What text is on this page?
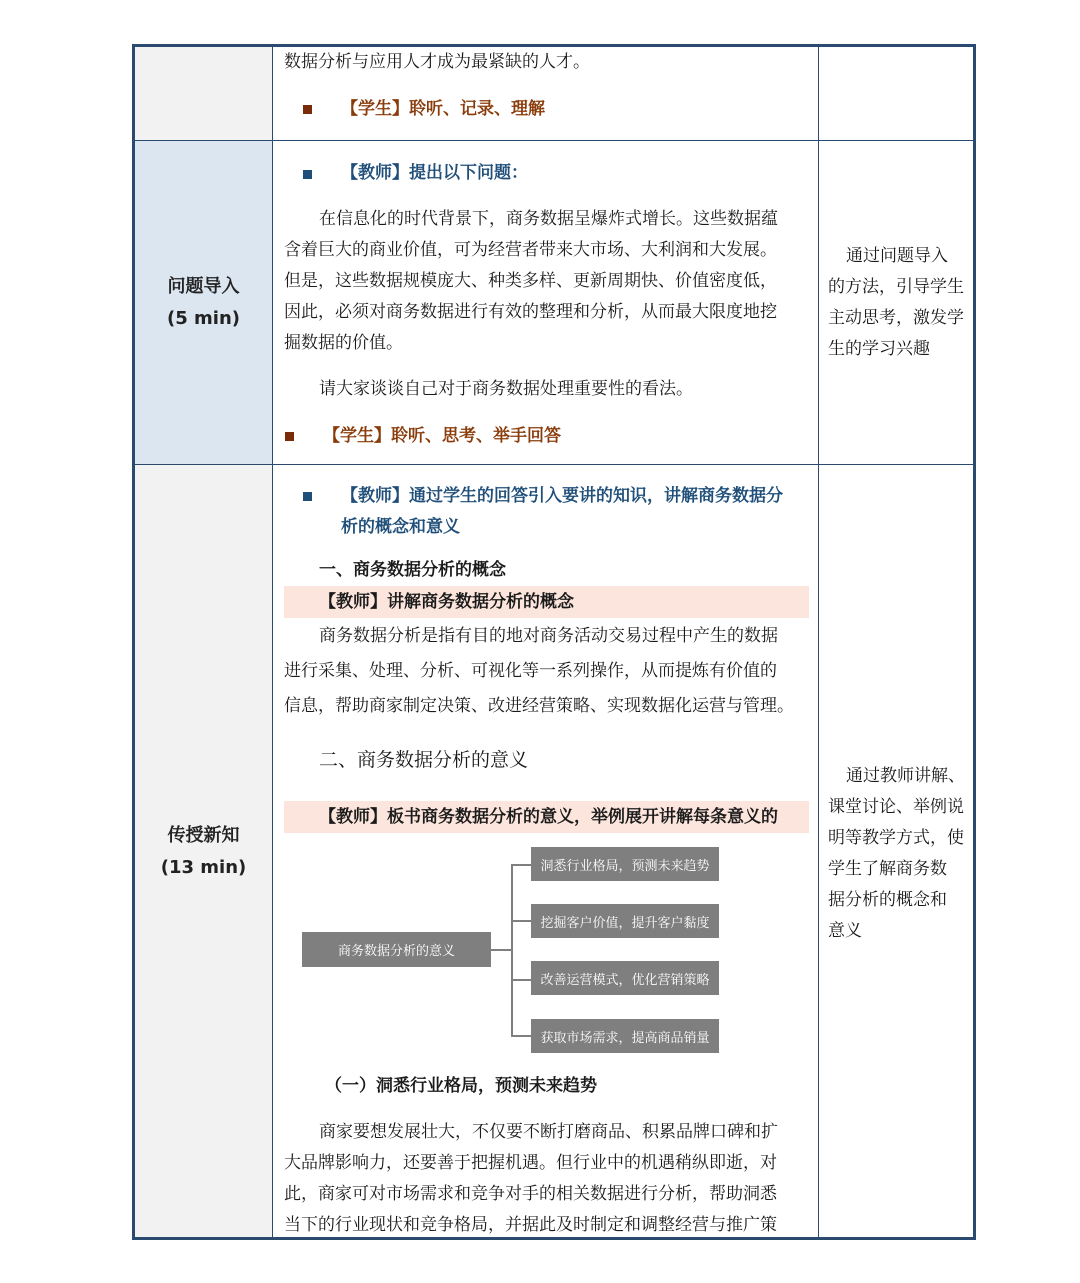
数据分析与应用人才成为最紧缺的人才。
【学生】聆听、记录、理解
问题导入
(5 min)
【教师】提出以下问题：
在信息化的时代背景下，商务数据呈爆炸式增长。这些数据蕴
含着巨大的商业价值，可为经营者带来大市场、大利润和大发展。
但是，这些数据规模庞大、种类多样、更新周期快、价值密度低，
因此，必须对商务数据进行有效的整理和分析，从而最大限度地挖
掘数据的价值。
请大家谈谈自己对于商务数据处理重要性的看法。
【学生】聆听、思考、举手回答
通过问题导入
的方法，引导学生
主动思考，激发学
生的学习兴趣
传授新知
(13 min)
【教师】通过学生的回答引入要讲的知识，讲解商务数据分
析的概念和意义
一、商务数据分析的概念
【教师】讲解商务数据分析的概念
商务数据分析是指有目的地对商务活动交易过程中产生的数据
进行采集、处理、分析、可视化等一系列操作，从而提炼有价值的
信息，帮助商家制定决策、改进经营策略、实现数据化运营与管理。
二、商务数据分析的意义
【教师】板书商务数据分析的意义，举例展开讲解每条意义的
商务数据分析的意义
洞悉行业格局，预测未来趋势
挖掘客户价值，提升客户黏度
改善运营模式，优化营销策略
获取市场需求，提高商品销量
（一）洞悉行业格局，预测未来趋势
商家要想发展壮大，不仅要不断打磨商品、积累品牌口碑和扩
大品牌影响力，还要善于把握机遇。但行业中的机遇稍纵即逝，对
此，商家可对市场需求和竞争对手的相关数据进行分析，帮助洞悉
当下的行业现状和竞争格局，并据此及时制定和调整经营与推广策
通过教师讲解、
课堂讨论、举例说
明等教学方式，使
学生了解商务数
据分析的概念和
意义
